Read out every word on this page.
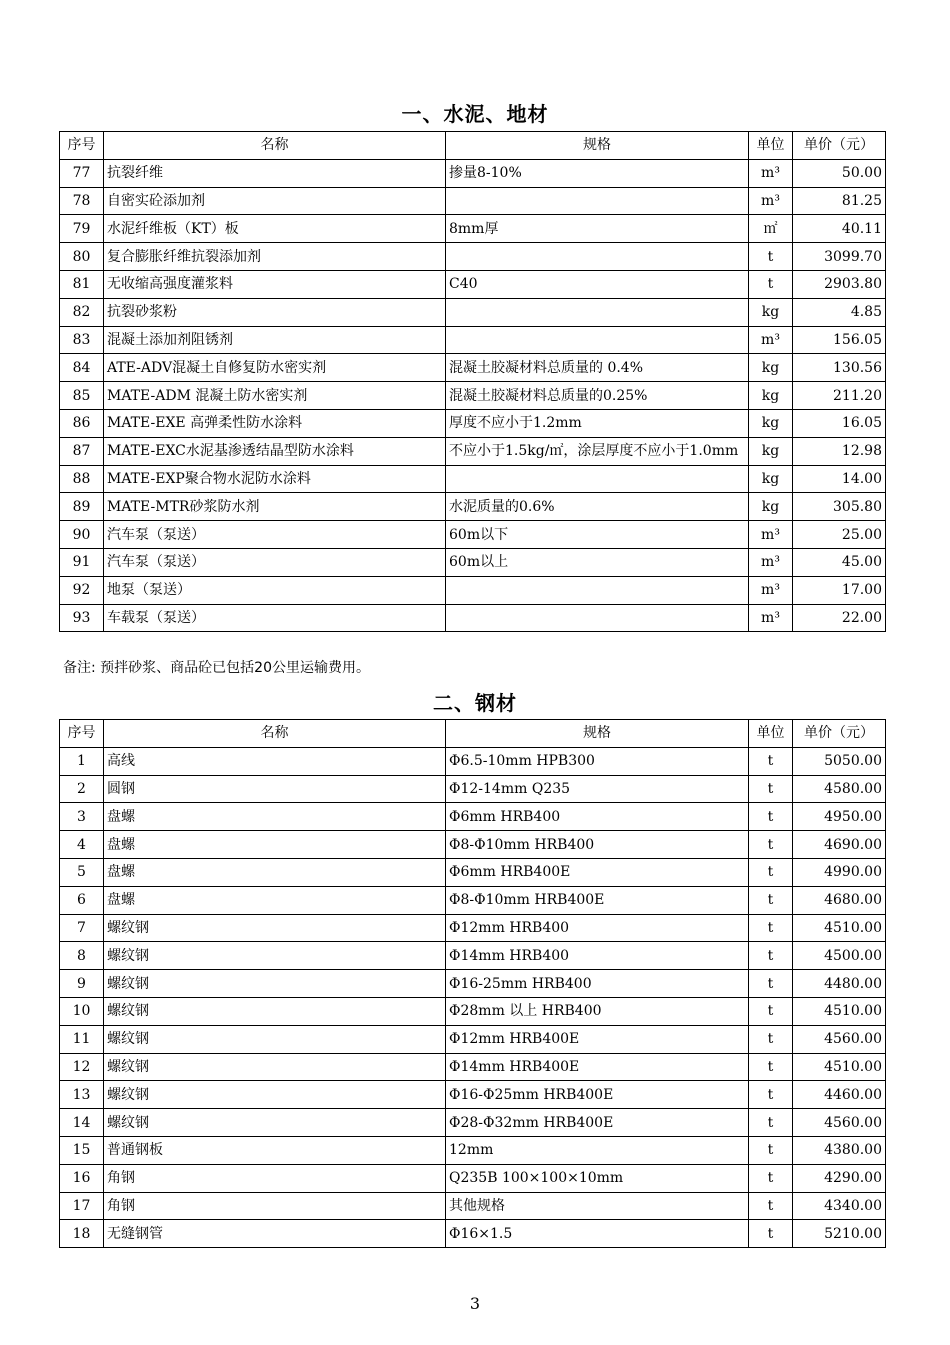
一、水泥、地材
序号	名称	规格	单位	单价（元）
77	抗裂纤维	掺量8-10%	m³	50.00
78	自密实砼添加剂		m³	81.25
79	水泥纤维板（KT）板	8mm厚	㎡	40.11
80	复合膨胀纤维抗裂添加剂		t	3099.70
81	无收缩高强度灌浆料	C40	t	2903.80
82	抗裂砂浆粉		kg	4.85
83	混凝土添加剂阻锈剂		m³	156.05
84	ATE-ADV混凝土自修复防水密实剂	混凝土胶凝材料总质量的 0.4%	kg	130.56
85	MATE-ADM 混凝土防水密实剂	混凝土胶凝材料总质量的0.25%	kg	211.20
86	MATE-EXE 高弹柔性防水涂料	厚度不应小于1.2mm	kg	16.05
87	MATE-EXC水泥基渗透结晶型防水涂料	不应小于1.5kg/㎡，涂层厚度不应小于1.0mm	kg	12.98
88	MATE-EXP聚合物水泥防水涂料		kg	14.00
89	MATE-MTR砂浆防水剂	水泥质量的0.6%	kg	305.80
90	汽车泵（泵送）	60m以下	m³	25.00
91	汽车泵（泵送）	60m以上	m³	45.00
92	地泵（泵送）		m³	17.00
93	车载泵（泵送）		m³	22.00
备注: 预拌砂浆、商品砼已包括20公里运输费用。
二、钢材
序号	名称	规格	单位	单价（元）
1	高线	Φ6.5-10mm HPB300	t	5050.00
2	圆钢	Φ12-14mm Q235	t	4580.00
3	盘螺	Φ6mm HRB400	t	4950.00
4	盘螺	Φ8-Φ10mm HRB400	t	4690.00
5	盘螺	Φ6mm HRB400E	t	4990.00
6	盘螺	Φ8-Φ10mm HRB400E	t	4680.00
7	螺纹钢	Φ12mm HRB400	t	4510.00
8	螺纹钢	Φ14mm HRB400	t	4500.00
9	螺纹钢	Φ16-25mm HRB400	t	4480.00
10	螺纹钢	Φ28mm 以上 HRB400	t	4510.00
11	螺纹钢	Φ12mm HRB400E	t	4560.00
12	螺纹钢	Φ14mm HRB400E	t	4510.00
13	螺纹钢	Φ16-Φ25mm HRB400E	t	4460.00
14	螺纹钢	Φ28-Φ32mm HRB400E	t	4560.00
15	普通钢板	12mm	t	4380.00
16	角钢	Q235B 100×100×10mm	t	4290.00
17	角钢	其他规格	t	4340.00
18	无缝钢管	Φ16×1.5	t	5210.00
3
